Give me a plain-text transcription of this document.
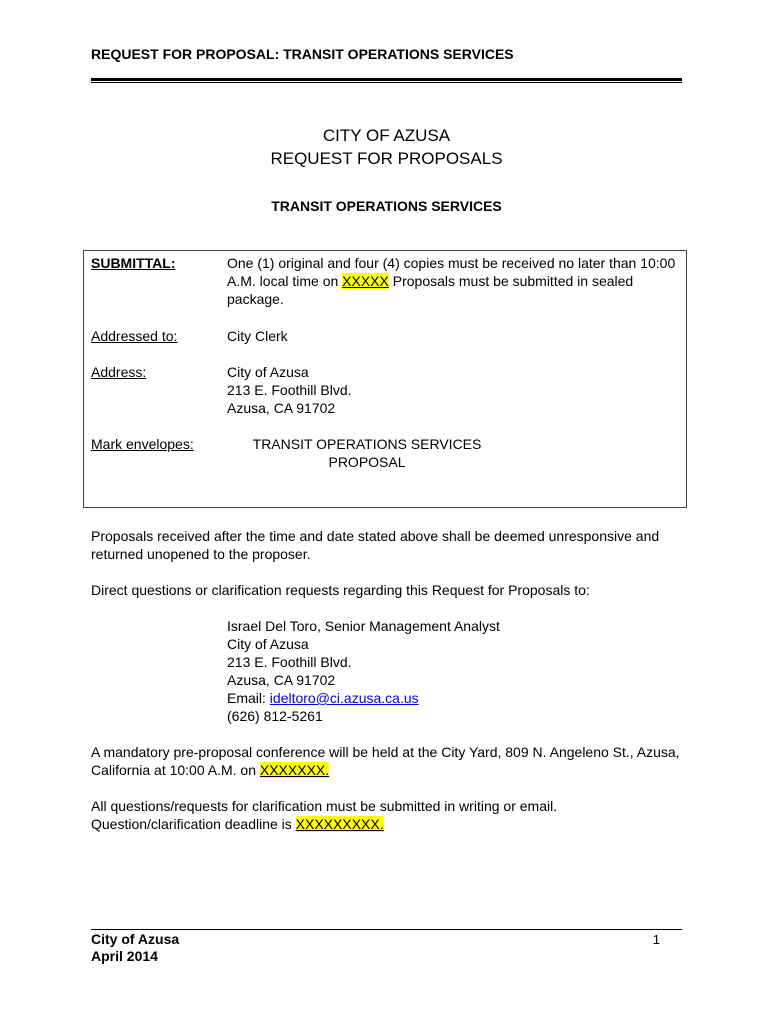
REQUEST FOR PROPOSAL: TRANSIT OPERATIONS SERVICES
CITY OF AZUSA
REQUEST FOR PROPOSALS
TRANSIT OPERATIONS SERVICES
SUBMITTAL:	One (1) original and four (4) copies must be received no later than 10:00 A.M. local time on XXXXX Proposals must be submitted in sealed package.
Addressed to:	City Clerk
Address:	City of Azusa
213 E. Foothill Blvd.
Azusa, CA 91702
Mark envelopes:	TRANSIT OPERATIONS SERVICES
PROPOSAL
Proposals received after the time and date stated above shall be deemed unresponsive and returned unopened to the proposer.
Direct questions or clarification requests regarding this Request for Proposals to:
Israel Del Toro, Senior Management Analyst
City of Azusa
213 E. Foothill Blvd.
Azusa, CA 91702
Email: ideltoro@ci.azusa.ca.us
(626) 812-5261
A mandatory pre-proposal conference will be held at the City Yard, 809 N. Angeleno St., Azusa, California at 10:00 A.M. on XXXXXXX.
All questions/requests for clarification must be submitted in writing or email.
Question/clarification deadline is XXXXXXXXX.
City of Azusa
April 2014
1
